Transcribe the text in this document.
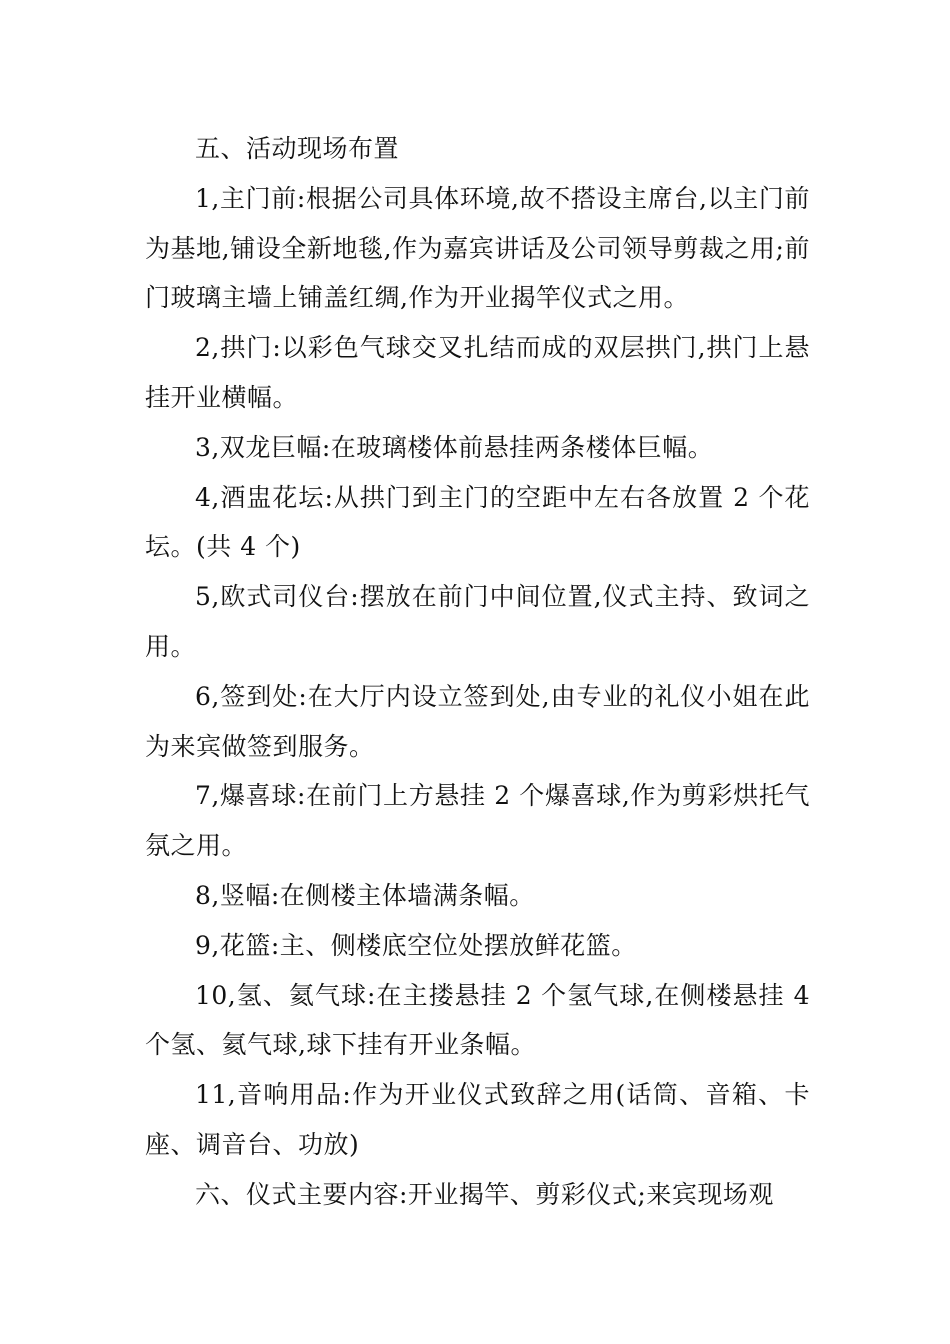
五、活动现场布置

1,主门前:根据公司具体环境,故不搭设主席台,以主门前为基地,铺设全新地毯,作为嘉宾讲话及公司领导剪裁之用;前门玻璃主墙上铺盖红绸,作为开业揭竿仪式之用。

2,拱门:以彩色气球交叉扎结而成的双层拱门,拱门上悬挂开业横幅。

3,双龙巨幅:在玻璃楼体前悬挂两条楼体巨幅。

4,酒盅花坛:从拱门到主门的空距中左右各放置 2 个花坛。(共 4 个)

5,欧式司仪台:摆放在前门中间位置,仪式主持、致词之用。

6,签到处:在大厅内设立签到处,由专业的礼仪小姐在此为来宾做签到服务。

7,爆喜球:在前门上方悬挂 2 个爆喜球,作为剪彩烘托气氛之用。

8,竖幅:在侧楼主体墙满条幅。

9,花篮:主、侧楼底空位处摆放鲜花篮。

10,氢、氦气球:在主搂悬挂 2 个氢气球,在侧楼悬挂 4 个氢、氦气球,球下挂有开业条幅。

11,音响用品:作为开业仪式致辞之用(话筒、音箱、卡座、调音台、功放)

六、仪式主要内容:开业揭竿、剪彩仪式;来宾现场观
